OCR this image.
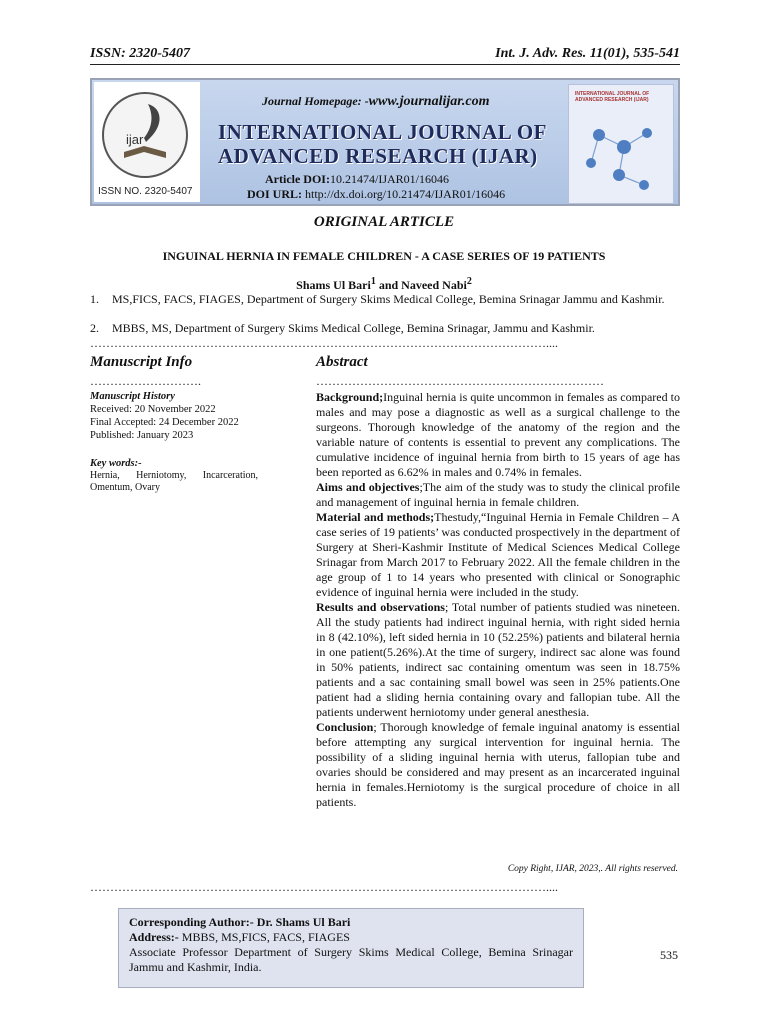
ISSN: 2320-5407	Int. J. Adv. Res. 11(01), 535-541
ijar
ISSN NO. 2320-5407
Journal Homepage: -www.journalijar.com
INTERNATIONAL JOURNAL OF
ADVANCED RESEARCH (IJAR)
Article DOI:10.21474/IJAR01/16046
DOI URL: http://dx.doi.org/10.21474/IJAR01/16046
INTERNATIONAL JOURNAL OF ADVANCED RESEARCH (IJAR)
ORIGINAL ARTICLE
INGUINAL HERNIA IN FEMALE CHILDREN - A CASE SERIES OF 19 PATIENTS
Shams Ul Bari$^1$ and Naveed Nabi$^2$
1. MS,FICS, FACS, FIAGES, Department of Surgery Skims Medical College, Bemina Srinagar Jammu and Kashmir.
2. MBBS, MS, Department of Surgery Skims Medical College, Bemina Srinagar, Jammu and Kashmir.
……………………………………………………………………………………………………....
Manuscript Info
……………………….
Manuscript History
Received: 20 November 2022
Final Accepted: 24 December 2022
Published: January 2023
Key words:-
Hernia, Herniotomy, Incarceration, Omentum, Ovary
Abstract
………………………………………………………………

Background;Inguinal hernia is quite uncommon in females as compared to males and may pose a diagnostic as well as a surgical challenge to the surgeons. Thorough knowledge of the anatomy of the region and the variable nature of contents is essential to prevent any complications. The cumulative incidence of inguinal hernia from birth to 15 years of age has been reported as 6.62% in males and 0.74% in females.

Aims and objectives;The aim of the study was to study the clinical profile and management of inguinal hernia in female children.

Material and methods;Thestudy,“Inguinal Hernia in Female Children – A case series of 19 patients’ was conducted prospectively in the department of Surgery at Sheri-Kashmir Institute of Medical Sciences Medical College Srinagar from March 2017 to February 2022. All the female children in the age group of 1 to 14 years who presented with clinical or Sonographic evidence of inguinal hernia were included in the study.

Results and observations; Total number of patients studied was nineteen. All the study patients had indirect inguinal hernia, with right sided hernia in 8 (42.10%), left sided hernia in 10 (52.25%) patients and bilateral hernia in one patient(5.26%).At the time of surgery, indirect sac alone was found in 50% patients, indirect sac containing omentum was seen in 18.75% patients and a sac containing small bowel was seen in 25% patients.One patient had a sliding hernia containing ovary and fallopian tube. All the patients underwent herniotomy under general anesthesia.

Conclusion; Thorough knowledge of female inguinal anatomy is essential before attempting any surgical intervention for inguinal hernia. The possibility of a sliding inguinal hernia with uterus, fallopian tube and ovaries should be considered and may present as an incarcerated inguinal hernia in females.Herniotomy is the surgical procedure of choice in all patients.

Copy Right, IJAR, 2023,. All rights reserved.
……………………………………………………………………………………………………....
Corresponding Author:- Dr. Shams Ul Bari
Address:- MBBS, MS,FICS, FACS, FIAGES
Associate Professor Department of Surgery Skims Medical College, Bemina Srinagar Jammu and Kashmir, India.
535
